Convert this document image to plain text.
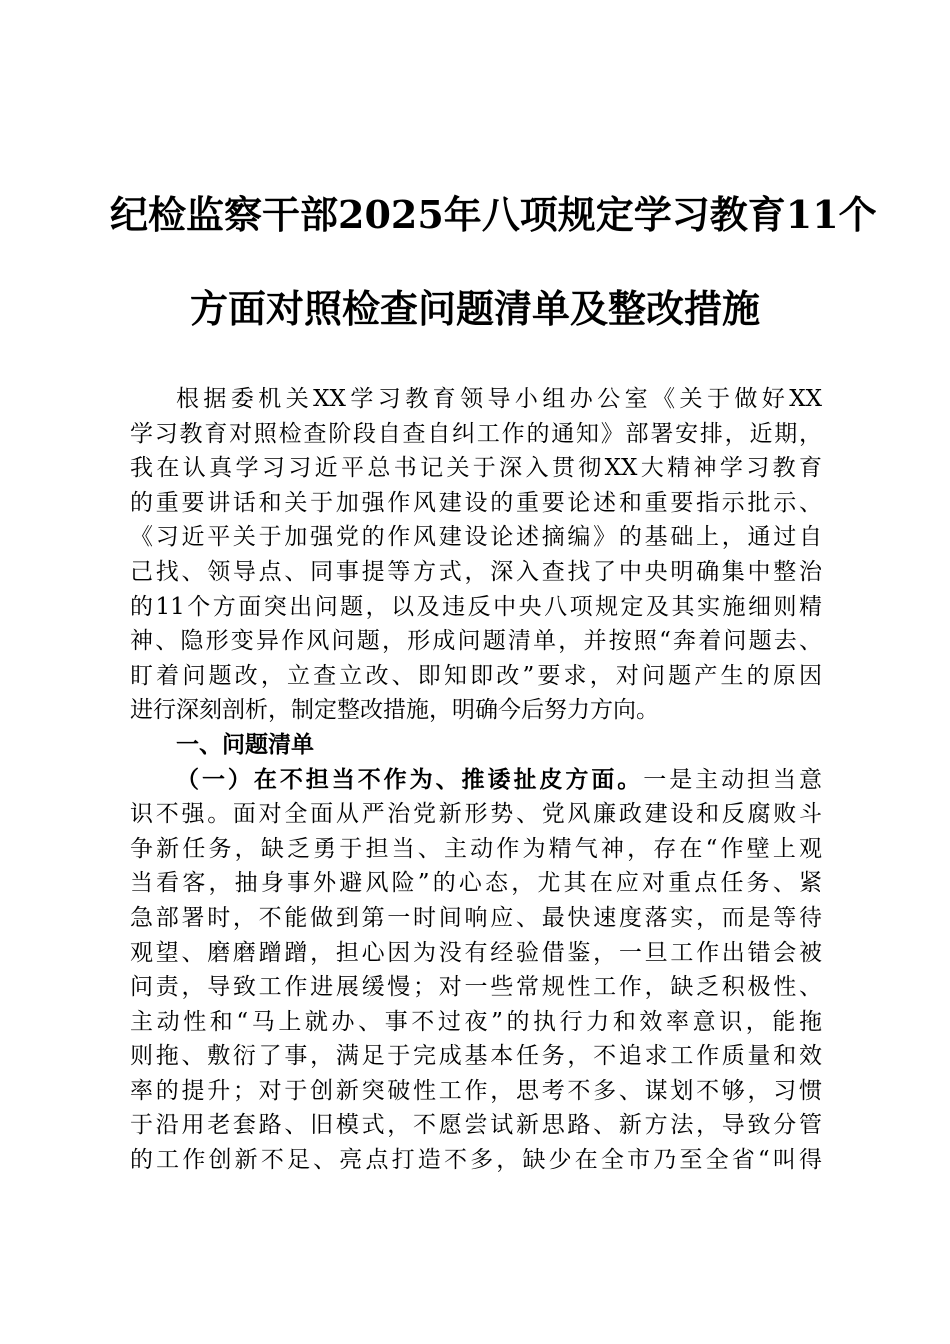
纪检监察干部2025年八项规定学习教育11个
方面对照检查问题清单及整改措施
根据委机关XX学习教育领导小组办公室《关于做好XX
学习教育对照检查阶段自查自纠工作的通知》部署安排，近期，
我在认真学习习近平总书记关于深入贯彻XX大精神学习教育
的重要讲话和关于加强作风建设的重要论述和重要指示批示、
《习近平关于加强党的作风建设论述摘编》的基础上，通过自
己找、领导点、同事提等方式，深入查找了中央明确集中整治
的11个方面突出问题，以及违反中央八项规定及其实施细则精
神、隐形变异作风问题，形成问题清单，并按照“奔着问题去、
盯着问题改，立查立改、即知即改”要求，对问题产生的原因
进行深刻剖析，制定整改措施，明确今后努力方向。
一、问题清单
（一）在不担当不作为、推诿扯皮方面。一是主动担当意
识不强。面对全面从严治党新形势、党风廉政建设和反腐败斗
争新任务，缺乏勇于担当、主动作为精气神，存在“作壁上观
当看客，抽身事外避风险”的心态，尤其在应对重点任务、紧
急部署时，不能做到第一时间响应、最快速度落实，而是等待
观望、磨磨蹭蹭，担心因为没有经验借鉴，一旦工作出错会被
问责，导致工作进展缓慢；对一些常规性工作，缺乏积极性、
主动性和“马上就办、事不过夜”的执行力和效率意识，能拖
则拖、敷衍了事，满足于完成基本任务，不追求工作质量和效
率的提升；对于创新突破性工作，思考不多、谋划不够，习惯
于沿用老套路、旧模式，不愿尝试新思路、新方法，导致分管
的工作创新不足、亮点打造不多，缺少在全市乃至全省“叫得
